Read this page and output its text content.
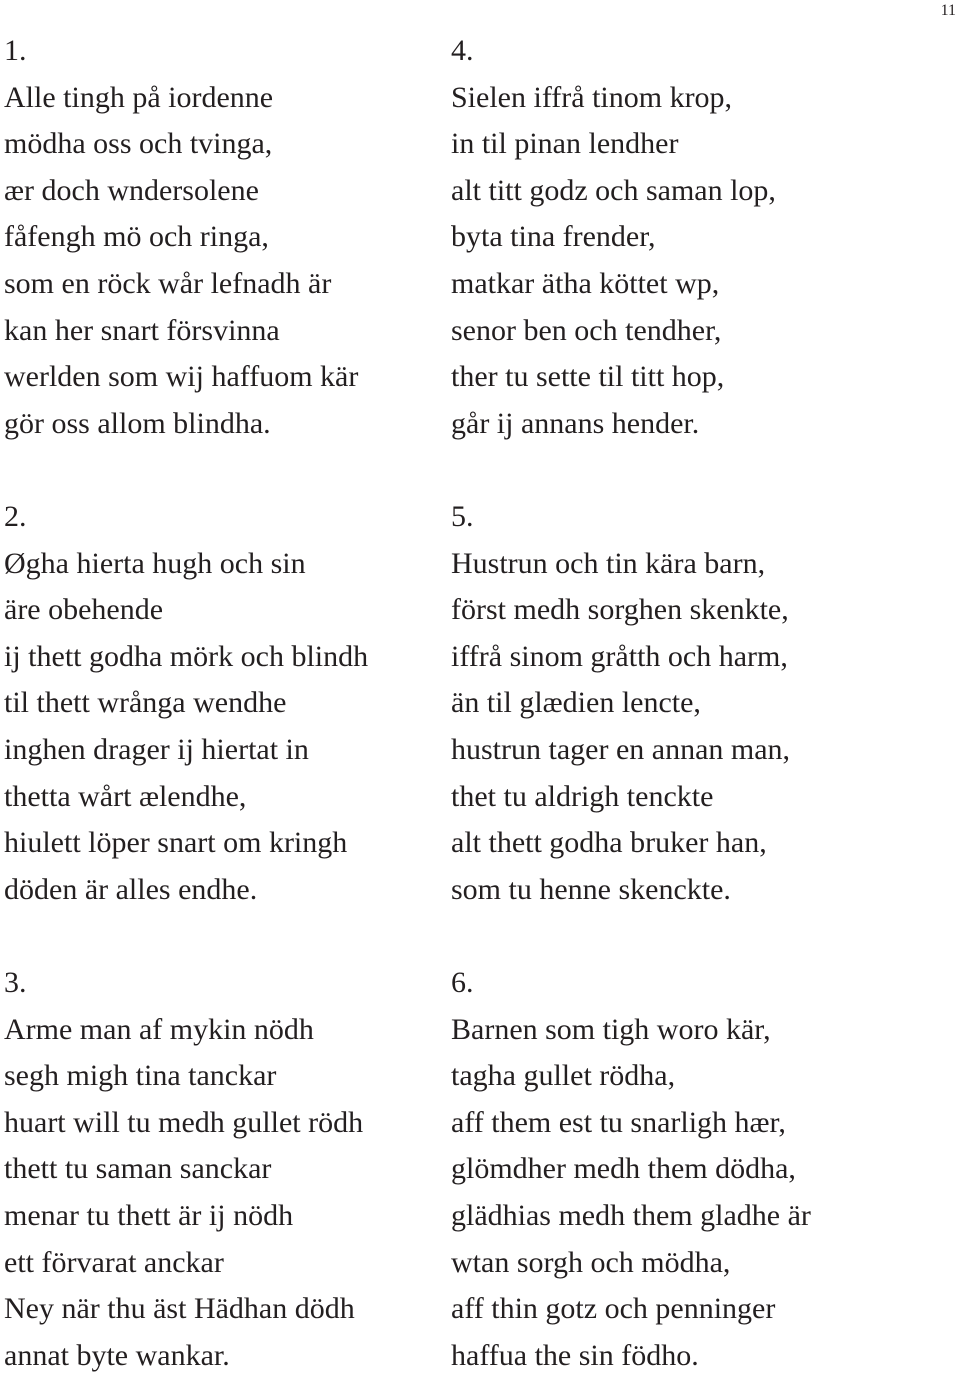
11
1.
Alle tingh på iordenne
mödha oss och tvinga,
ær doch wndersolene
fåfengh mö och ringa,
som en röck wår lefnadh är
kan her snart försvinna
werlden som wij haffuom kär
gör oss allom blindha.
2.
Øgha hierta hugh och sin
äre obehende
ij thett godha mörk och blindh
til thett wrånga wendhe
inghen drager ij hiertat in
thetta wårt ælendhe,
hiulett löper snart om kringh
döden är alles endhe.
3.
Arme man af mykin nödh
segh migh tina tanckar
huart will tu medh gullet rödh
thett tu saman sanckar
menar tu thett är ij nödh
ett förvarat anckar
Ney när thu äst Hädhan dödh
annat byte wankar.
4.
Sielen iffrå tinom krop,
in til pinan lendher
alt titt godz och saman lop,
byta tina frender,
matkar ätha köttet wp,
senor ben och tendher,
ther tu sette til titt hop,
går ij annans hender.
5.
Hustrun och tin kära barn,
först medh sorghen skenkte,
iffrå sinom gråtth och harm,
än til glædien lencte,
hustrun tager en annan man,
thet tu aldrigh tenckte
alt thett godha bruker han,
som tu henne skenckte.
6.
Barnen som tigh woro kär,
tagha gullet rödha,
aff them est tu snarligh hær,
glömdher medh them dödha,
glädhias medh them gladhe är
wtan sorgh och mödha,
aff thin gotz och penninger
haffua the sin födho.
